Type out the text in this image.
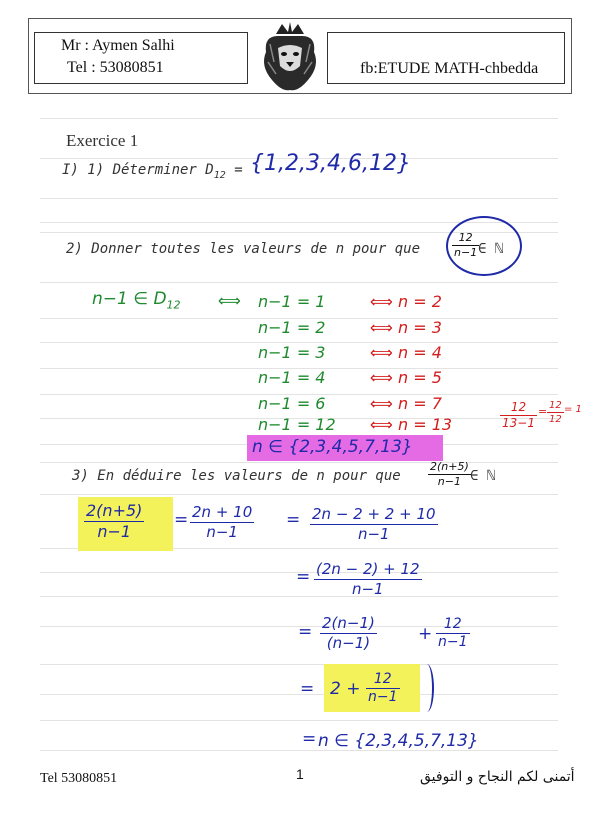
Mr : Aymen Salhi
Tel : 53080851	fb:ETUDE MATH-chbedda
Exercice 1
I) 1) Déterminer $D_{12} = \{1,2,3,4,6,12\}$
2) Donner toutes les valeurs de n pour que
12
n−1 ∈ ℕ
n−1 ∈ $D_{12}$ ⟺ n−1 = 1	⟺ n = 2
n−1 = 2	⟺ n = 3
n−1 = 3	⟺ n = 4
n−1 = 4	⟺ n = 5
n−1 = 6	⟺ n = 7
n−1 = 12 ⟺ n = 13
n ∈ {2,3,4,5,7,13}
12
13−1
= 12
12
= 1
3) En déduire les valeurs de n pour que
2(n+5)
n−1 ∈ ℕ
2(n+5)
n−1
= 2n + 10
n−1
= 2n − 2 + 2 + 10
n−1
= (2n − 2) + 12
n−1
= 2(n−1)
(n−1)	+ 12
n−1
= 2 + 12
n−1
= n ∈ {2,3,4,5,7,13}
Tel 53080851	1	أتمنى لكم النجاح و التوفيق
